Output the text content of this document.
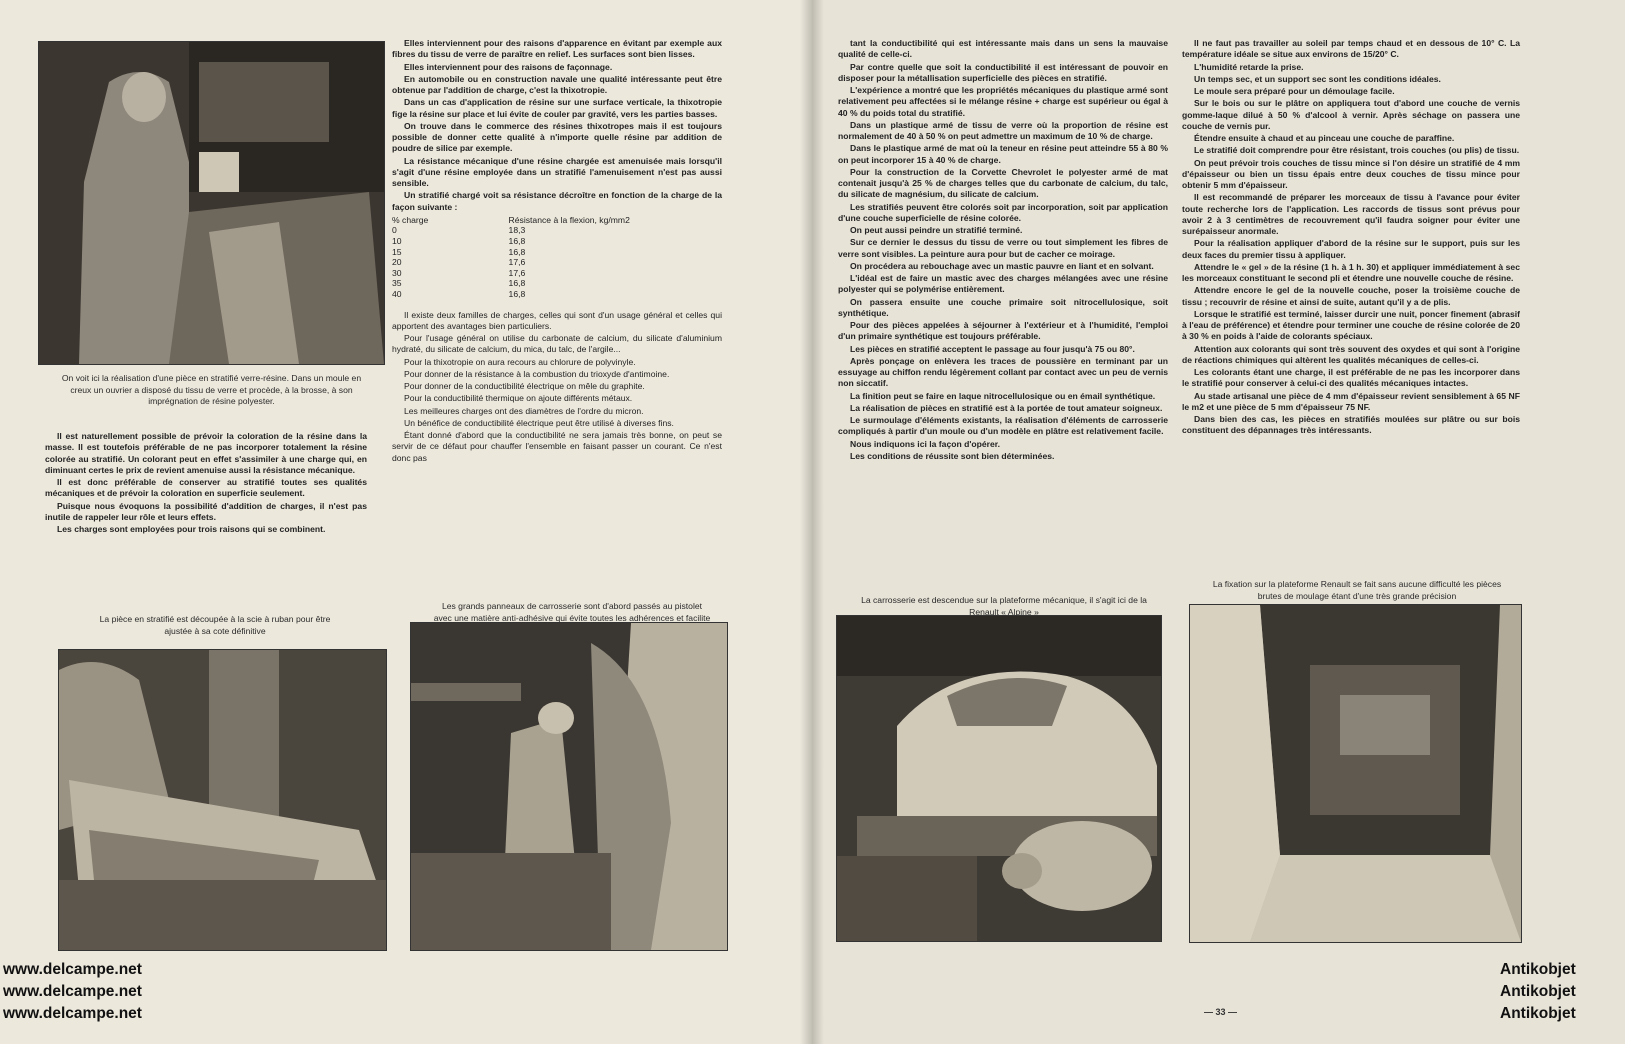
On voit ici la réalisation d'une pièce en stratifié verre-résine. Dans un moule en creux un ouvrier a disposé du tissu de verre et procède, à la brosse, à son imprégnation de résine polyester.

Il est naturellement possible de prévoir la coloration de la résine dans la masse. Il est toutefois préférable de ne pas incorporer totalement la résine colorée au stratifié. Un colorant peut en effet s'assimiler à une charge qui, en diminuant certes le prix de revient amenuise aussi la résistance mécanique.

Il est donc préférable de conserver au stratifié toutes ses qualités mécaniques et de prévoir la coloration en superficie seulement.

Puisque nous évoquons la possibilité d'addition de charges, il n'est pas inutile de rappeler leur rôle et leurs effets.

Les charges sont employées pour trois raisons qui se combinent.

Elles interviennent pour des raisons d'apparence en évitant par exemple aux fibres du tissu de verre de paraître en relief. Les surfaces sont bien lisses.

Elles interviennent pour des raisons de façonnage.

En automobile ou en construction navale une qualité intéressante peut être obtenue par l'addition de charge, c'est la thixotropie.

Dans un cas d'application de résine sur une surface verticale, la thixotropie fige la résine sur place et lui évite de couler par gravité, vers les parties basses.

On trouve dans le commerce des résines thixotropes mais il est toujours possible de donner cette qualité à n'importe quelle résine par addition de poudre de silice par exemple.

La résistance mécanique d'une résine chargée est amenuisée mais lorsqu'il s'agit d'une résine employée dans un stratifié l'amenuisement n'est pas aussi sensible.

Un stratifié chargé voit sa résistance décroître en fonction de la charge de la façon suivante :

% charge	Résistance à la flexion, kg/mm2
0	18,3
10	16,8
15	16,8
20	17,6
30	17,6
35	16,8
40	16,8

Il existe deux familles de charges, celles qui sont d'un usage général et celles qui apportent des avantages bien particuliers.

Pour l'usage général on utilise du carbonate de calcium, du silicate d'aluminium hydraté, du silicate de calcium, du mica, du talc, de l'argile...

Pour la thixotropie on aura recours au chlorure de polyvinyle.

Pour donner de la résistance à la combustion du trioxyde d'antimoine.

Pour donner de la conductibilité électrique on mêle du graphite.

Pour la conductibilité thermique on ajoute différents métaux.

Les meilleures charges ont des diamètres de l'ordre du micron.

Un bénéfice de conductibilité électrique peut être utilisé à diverses fins.

Étant donné d'abord que la conductibilité ne sera jamais très bonne, on peut se servir de ce défaut pour chauffer l'ensemble en faisant passer un courant. Ce n'est donc pas

La pièce en stratifié est découpée à la scie à ruban pour être ajustée à sa cote définitive
Les grands panneaux de carrosserie sont d'abord passés au pistolet avec une matière anti-adhésive qui évite toutes les adhérences et facilite
www.delcampe.net
www.delcampe.net
www.delcampe.net

tant la conductibilité qui est intéressante mais dans un sens la mauvaise qualité de celle-ci.

Par contre quelle que soit la conductibilité il est intéressant de pouvoir en disposer pour la métallisation superficielle des pièces en stratifié.

L'expérience a montré que les propriétés mécaniques du plastique armé sont relativement peu affectées si le mélange résine + charge est supérieur ou égal à 40 % du poids total du stratifié.

Dans un plastique armé de tissu de verre où la proportion de résine est normalement de 40 à 50 % on peut admettre un maximum de 10 % de charge.

Dans le plastique armé de mat où la teneur en résine peut atteindre 55 à 80 % on peut incorporer 15 à 40 % de charge.

Pour la construction de la Corvette Chevrolet le polyester armé de mat contenait jusqu'à 25 % de charges telles que du carbonate de calcium, du talc, du silicate de magnésium, du silicate de calcium.

Les stratifiés peuvent être colorés soit par incorporation, soit par application d'une couche superficielle de résine colorée.

On peut aussi peindre un stratifié terminé.

Sur ce dernier le dessus du tissu de verre ou tout simplement les fibres de verre sont visibles. La peinture aura pour but de cacher ce moirage.

On procédera au rebouchage avec un mastic pauvre en liant et en solvant.

L'idéal est de faire un mastic avec des charges mélangées avec une résine polyester qui se polymérise entièrement.

On passera ensuite une couche primaire soit nitrocellulosique, soit synthétique.

Pour des pièces appelées à séjourner à l'extérieur et à l'humidité, l'emploi d'un primaire synthétique est toujours préférable.

Les pièces en stratifié acceptent le passage au four jusqu'à 75 ou 80°.

Après ponçage on enlèvera les traces de poussière en terminant par un essuyage au chiffon rendu légèrement collant par contact avec un peu de vernis non siccatif.

La finition peut se faire en laque nitrocellulosique ou en émail synthétique.

La réalisation de pièces en stratifié est à la portée de tout amateur soigneux.

Le surmoulage d'éléments existants, la réalisation d'éléments de carrosserie compliqués à partir d'un moule ou d'un modèle en plâtre est relativement facile.

Nous indiquons ici la façon d'opérer.

Les conditions de réussite sont bien déterminées.

Il ne faut pas travailler au soleil par temps chaud et en dessous de 10° C. La température idéale se situe aux environs de 15/20° C.

L'humidité retarde la prise.

Un temps sec, et un support sec sont les conditions idéales.

Le moule sera préparé pour un démoulage facile.

Sur le bois ou sur le plâtre on appliquera tout d'abord une couche de vernis gomme-laque dilué à 50 % d'alcool à vernir. Après séchage on passera une couche de vernis pur.

Étendre ensuite à chaud et au pinceau une couche de paraffine.

Le stratifié doit comprendre pour être résistant, trois couches (ou plis) de tissu.

On peut prévoir trois couches de tissu mince si l'on désire un stratifié de 4 mm d'épaisseur ou bien un tissu épais entre deux couches de tissu mince pour obtenir 5 mm d'épaisseur.

Il est recommandé de préparer les morceaux de tissu à l'avance pour éviter toute recherche lors de l'application. Les raccords de tissus sont prévus pour avoir 2 à 3 centimètres de recouvrement qu'il faudra soigner pour éviter une surépaisseur anormale.

Pour la réalisation appliquer d'abord de la résine sur le support, puis sur les deux faces du premier tissu à appliquer.

Attendre le « gel » de la résine (1 h. à 1 h. 30) et appliquer immédiatement à sec les morceaux constituant le second pli et étendre une nouvelle couche de résine.

Attendre encore le gel de la nouvelle couche, poser la troisième couche de tissu ; recouvrir de résine et ainsi de suite, autant qu'il y a de plis.

Lorsque le stratifié est terminé, laisser durcir une nuit, poncer finement (abrasif à l'eau de préférence) et étendre pour terminer une couche de résine colorée de 20 à 30 % en poids à l'aide de colorants spéciaux.

Attention aux colorants qui sont très souvent des oxydes et qui sont à l'origine de réactions chimiques qui altèrent les qualités mécaniques de celles-ci.

Les colorants étant une charge, il est préférable de ne pas les incorporer dans le stratifié pour conserver à celui-ci des qualités mécaniques intactes.

Au stade artisanal une pièce de 4 mm d'épaisseur revient sensiblement à 65 NF le m2 et une pièce de 5 mm d'épaisseur 75 NF.

Dans bien des cas, les pièces en stratifiés moulées sur plâtre ou sur bois constituent des dépannages très intéressants.

La carrosserie est descendue sur la plateforme mécanique, il s'agit ici de la Renault « Alpine »
La fixation sur la plateforme Renault se fait sans aucune difficulté les pièces brutes de moulage étant d'une très grande précision
— 33 —
Antikobjet
Antikobjet
Antikobjet
